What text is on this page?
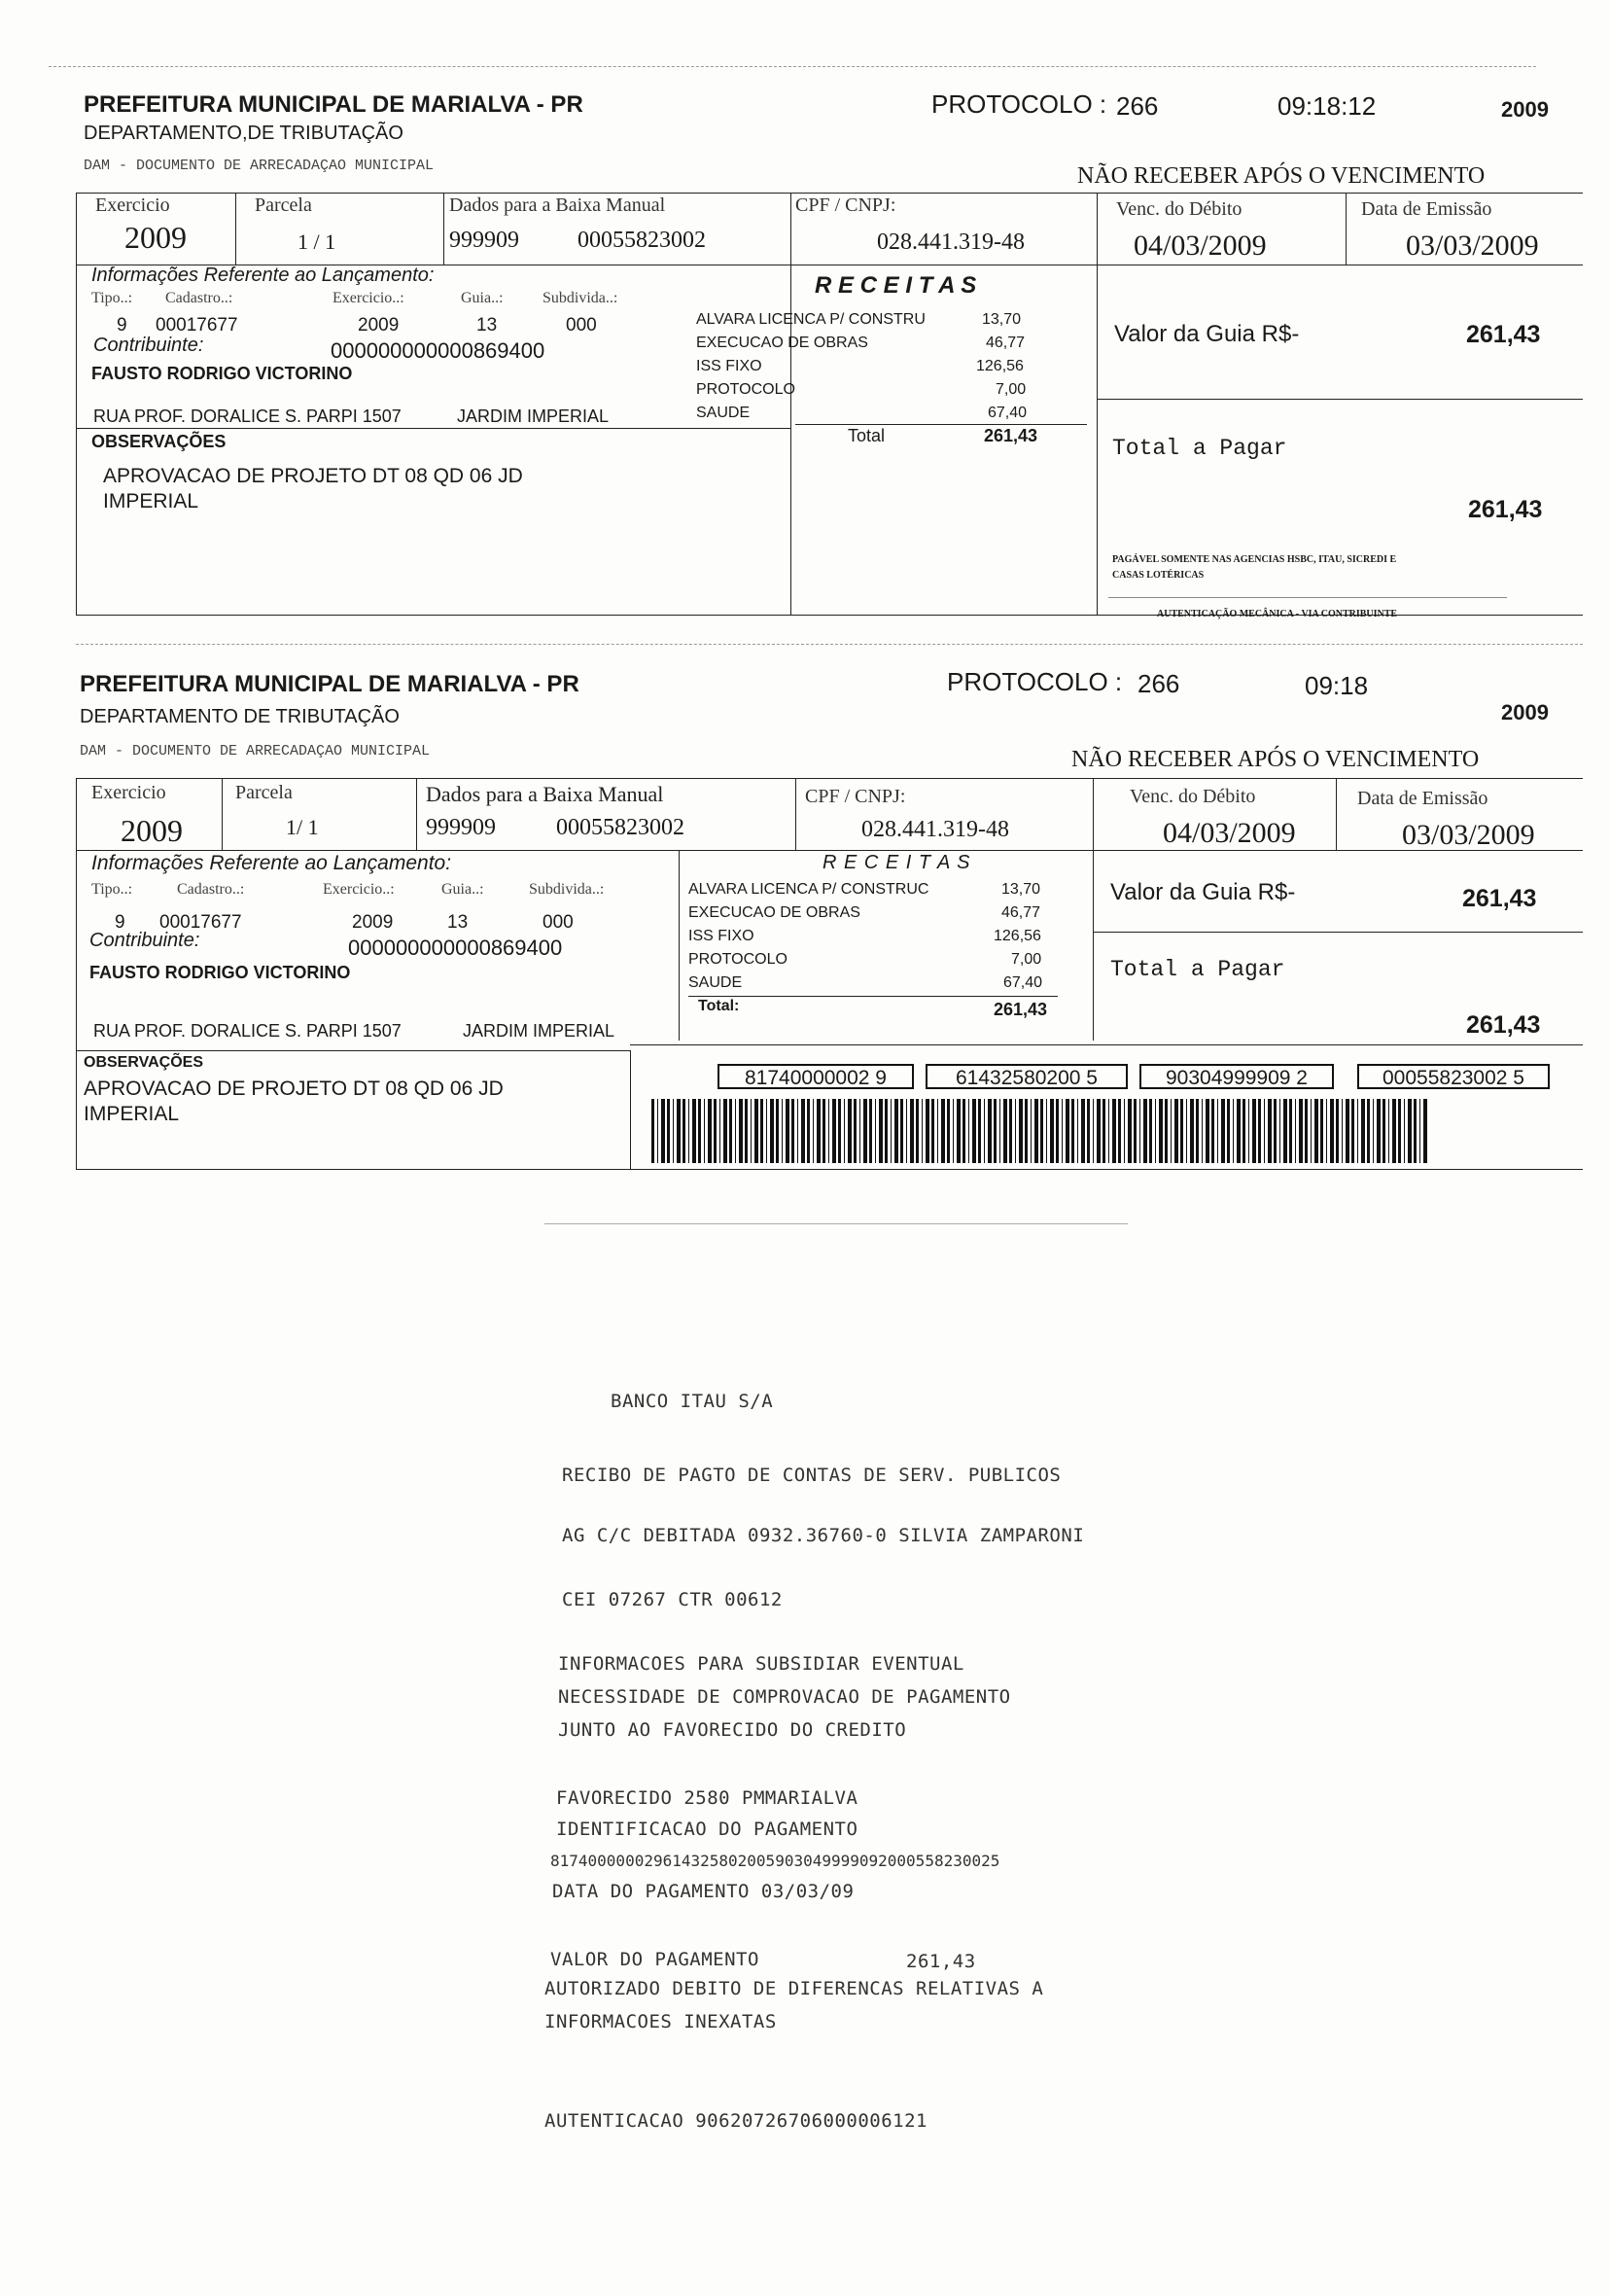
PREFEITURA MUNICIPAL DE MARIALVA - PR
DEPARTAMENTO,DE TRIBUTAÇÃO
DAM - DOCUMENTO DE ARRECADAÇAO MUNICIPAL
PROTOCOLO : 266	09:18:12	2009
NÃO RECEBER APÓS O VENCIMENTO
Exercicio
2009
Parcela
1 / 1
Dados para a Baixa Manual
999909	00055823002
CPF / CNPJ:
028.441.319-48
Venc. do Débito
04/03/2009
Data de Emissão
03/03/2009
Informações Referente ao Lançamento:
Tipo..: Cadastro..:	Exercicio..:	Guia..:	Subdivida..:
9 00017677	2009	13	000
Contribuinte:	000000000000869400
FAUSTO RODRIGO VICTORINO
RUA PROF. DORALICE S. PARPI 1507	JARDIM IMPERIAL
OBSERVAÇÕES
APROVACAO DE PROJETO DT 08 QD 06 JD
IMPERIAL
R E C E I T A S
ALVARA LICENCA P/ CONSTRU	13,70
EXECUCAO DE OBRAS	46,77
ISS FIXO	126,56
PROTOCOLO	7,00
SAUDE	67,40
Total	261,43
Valor da Guia R$-	261,43
Total a Pagar
261,43
PAGÁVEL SOMENTE NAS AGENCIAS HSBC, ITAU, SICREDI E
CASAS LOTÉRICAS
AUTENTICAÇÃO MECÂNICA - VIA CONTRIBUINTE
PREFEITURA MUNICIPAL DE MARIALVA - PR
DEPARTAMENTO DE TRIBUTAÇÃO
DAM - DOCUMENTO DE ARRECADAÇAO MUNICIPAL
PROTOCOLO : 266	09:18
2009
NÃO RECEBER APÓS O VENCIMENTO
Exercicio
2009
Parcela
1/ 1
Dados para a Baixa Manual
999909	00055823002
CPF / CNPJ:
028.441.319-48
Venc. do Débito
04/03/2009
Data de Emissão
03/03/2009
Informações Referente ao Lançamento:
Tipo..:	Cadastro..:	Exercicio..:	Guia..:	Subdivida..:
9 00017677	2009	13	000
Contribuinte:	000000000000869400
FAUSTO RODRIGO VICTORINO
RUA PROF. DORALICE S. PARPI 1507	JARDIM IMPERIAL
OBSERVAÇÕES
APROVACAO DE PROJETO DT 08 QD 06 JD
IMPERIAL
R E C E I T A S
ALVARA LICENCA P/ CONSTRUC	13,70
EXECUCAO DE OBRAS	46,77
ISS FIXO	126,56
PROTOCOLO	7,00
SAUDE	67,40
Total:	261,43
Valor da Guia R$-	261,43
Total a Pagar
261,43
81740000002 9	61432580200 5	90304999909 2	00055823002 5
BANCO ITAU S/A
RECIBO DE PAGTO DE CONTAS DE SERV. PUBLICOS
AG C/C DEBITADA 0932.36760-0 SILVIA ZAMPARONI
CEI 07267 CTR 00612
INFORMACOES PARA SUBSIDIAR EVENTUAL
NECESSIDADE DE COMPROVACAO DE PAGAMENTO
JUNTO AO FAVORECIDO DO CREDITO
FAVORECIDO 2580 PMMARIALVA
IDENTIFICACAO DO PAGAMENTO
817400000029614325802005903049999092000558230025
DATA DO PAGAMENTO 03/03/09
VALOR DO PAGAMENTO	261,43
AUTORIZADO DEBITO DE DIFERENCAS RELATIVAS A
INFORMACOES INEXATAS
AUTENTICACAO 90620726706000006121
